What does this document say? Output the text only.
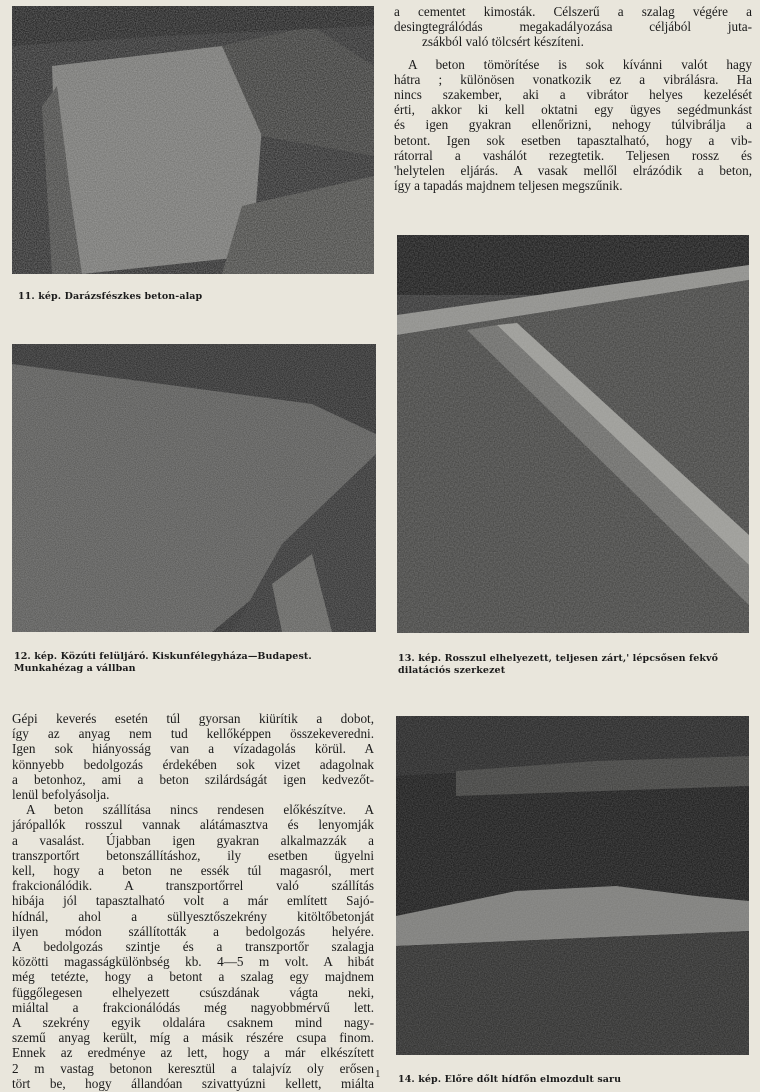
11. kép. Darázsfészkes beton-alap
a cementet kimosták. Célszerű a szalag végére a
desingtegrálódás megakadályozása céljából juta-
zsákból való tölcsért készíteni.
A beton tömörítése is sok kívánni valót hagy
hátra ; különösen vonatkozik ez a vibrálásra. Ha
nincs szakember, aki a vibrátor helyes kezelését
érti, akkor ki kell oktatni egy ügyes segédmunkást
és igen gyakran ellenőrizni, nehogy túlvibrálja a
betont. Igen sok esetben tapasztalható, hogy a vib-
rátorral a vashálót rezegtetik. Teljesen rossz és
'helytelen eljárás. A vasak mellől elrázódik a beton,
így a tapadás majdnem teljesen megszűnik.
12. kép. Közúti felüljáró. Kiskunfélegyháza—Budapest.
Munkahézag a vállban
13. kép. Rosszul elhelyezett, teljesen zárt,' lépcsősen fekvő
dilatációs szerkezet
Gépi keverés esetén túl gyorsan kiürítik a dobot,
így az anyag nem tud kellőképpen összekeveredni.
Igen sok hiányosság van a vízadagolás körül. A
könnyebb bedolgozás érdekében sok vizet adagolnak
a betonhoz, ami a beton szilárdságát igen kedvezőt-
lenül befolyásolja.
A beton szállítása nincs rendesen előkészítve. A
járópallók rosszul vannak alátámasztva és lenyomják
a vasalást. Újabban igen gyakran alkalmazzák a
transzportőrt betonszállításhoz, ily esetben ügyelni
kell, hogy a beton ne essék túl magasról, mert
frakcionálódik. A transzportőrrel való szállítás
hibája jól tapasztalható volt a már említett Sajó-
hídnál, ahol a süllyesztőszekrény kitöltőbetonját
ilyen módon szállították a bedolgozás helyére.
A bedolgozás szintje és a transzportőr szalagja
közötti magasságkülönbség kb. 4—5 m volt. A hibát
még tetézte, hogy a betont a szalag egy majdnem
függőlegesen elhelyezett csúszdának vágta neki,
miáltal a frakcionálódás még nagyobbmérvű lett.
A szekrény egyik oldalára csaknem mind nagy-
szemű anyag került, míg a másik részére csupa finom.
Ennek az eredménye az lett, hogy a már elkészített
2 m vastag betonon keresztül a talajvíz oly erősen
tört be, hogy állandóan szivattyúzni kellett, miálta
1 14. kép. Előre dőlt hídfőn elmozdult saru
